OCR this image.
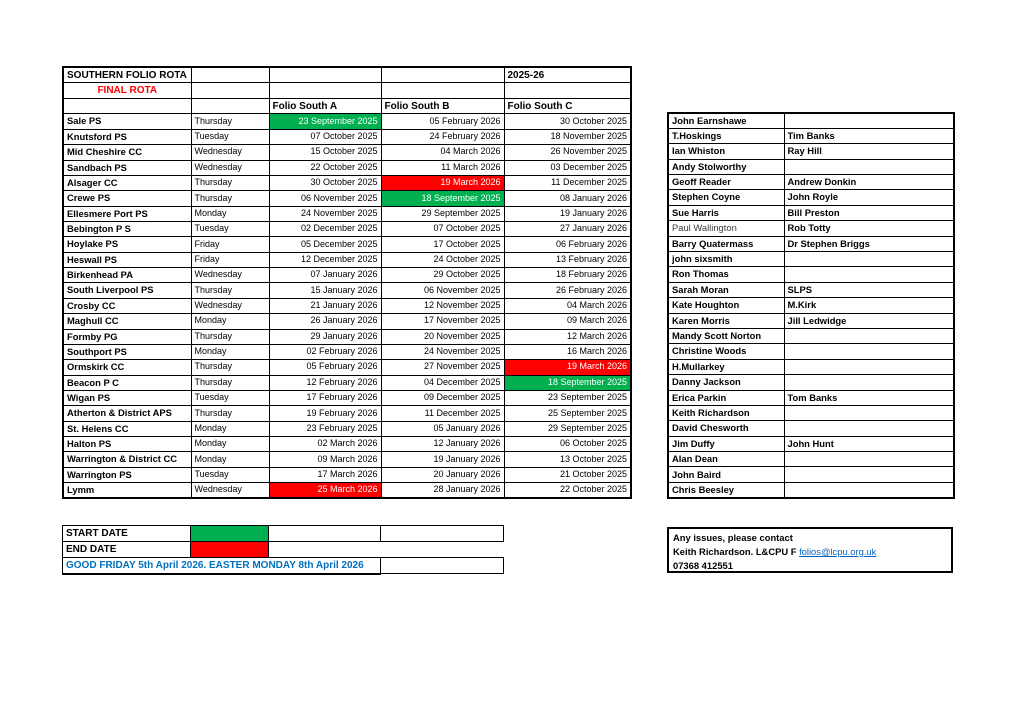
SOUTHERN FOLIO ROTA				2025-26
FINAL ROTA				
		Folio South A	Folio South B	Folio South C
Sale PS	Thursday	23 September 2025	05 February 2026	30 October 2025
Knutsford PS	Tuesday	07 October 2025	24 February 2026	18 November 2025
Mid Cheshire CC	Wednesday	15 October 2025	04 March 2026	26 November 2025
Sandbach PS	Wednesday	22 October 2025	11 March 2026	03 December 2025
Alsager CC	Thursday	30 October 2025	19 March 2026	11 December 2025
Crewe PS	Thursday	06 November 2025	18 September 2025	08 January 2026
Ellesmere Port PS	Monday	24 November 2025	29 September 2025	19 January 2026
Bebington P S	Tuesday	02 December 2025	07 October 2025	27 January 2026
Hoylake PS	Friday	05 December 2025	17 October 2025	06 February 2026
Heswall PS	Friday	12 December 2025	24 October 2025	13 February 2026
Birkenhead PA	Wednesday	07 January 2026	29 October 2025	18 February 2026
South Liverpool PS	Thursday	15 January 2026	06 November 2025	26 February 2026
Crosby CC	Wednesday	21 January 2026	12 November 2025	04 March 2026
Maghull CC	Monday	26 January 2026	17 November 2025	09 March 2026
Formby PG	Thursday	29 January 2026	20 November 2025	12 March 2026
Southport PS	Monday	02 February 2026	24 November 2025	16 March 2026
Ormskirk CC	Thursday	05 February 2026	27 November 2025	19 March 2026
Beacon P C	Thursday	12 February 2026	04 December 2025	18 September 2025
Wigan PS	Tuesday	17 February 2026	09 December 2025	23 September 2025
Atherton & District APS	Thursday	19 February 2026	11 December 2025	25 September 2025
St. Helens CC	Monday	23 February 2025	05 January 2026	29 September 2025
Halton PS	Monday	02 March 2026	12 January 2026	06 October 2025
Warrington & District CC	Monday	09 March 2026	19 January 2026	13 October 2025
Warrington PS	Tuesday	17 March 2026	20 January 2026	21 October 2025
Lymm	Wednesday	25 March 2026	28 January 2026	22 October 2025
John Earnshawe	
T.Hoskings	Tim Banks
Ian Whiston	Ray Hill
Andy Stolworthy	
Geoff Reader	Andrew Donkin
Stephen Coyne	John Royle
Sue Harris	Bill Preston
Paul Wallington	Rob Totty
Barry Quatermass	Dr Stephen Briggs
john sixsmith	
Ron Thomas	
Sarah Moran	SLPS
Kate Houghton	M.Kirk
Karen Morris	Jill Ledwidge
Mandy Scott Norton	
Christine Woods	
H.Mullarkey	
Danny Jackson	
Erica Parkin	Tom Banks
Keith Richardson	
David Chesworth	
Jim Duffy	John Hunt
Alan Dean	
John Baird	
Chris Beesley	
START DATE			
END DATE			
GOOD FRIDAY 5th April 2026. EASTER MONDAY 8th April 2026			
Any issues, please contact
Keith Richardson. L&CPU F folios@lcpu.org.uk
07368 412551
